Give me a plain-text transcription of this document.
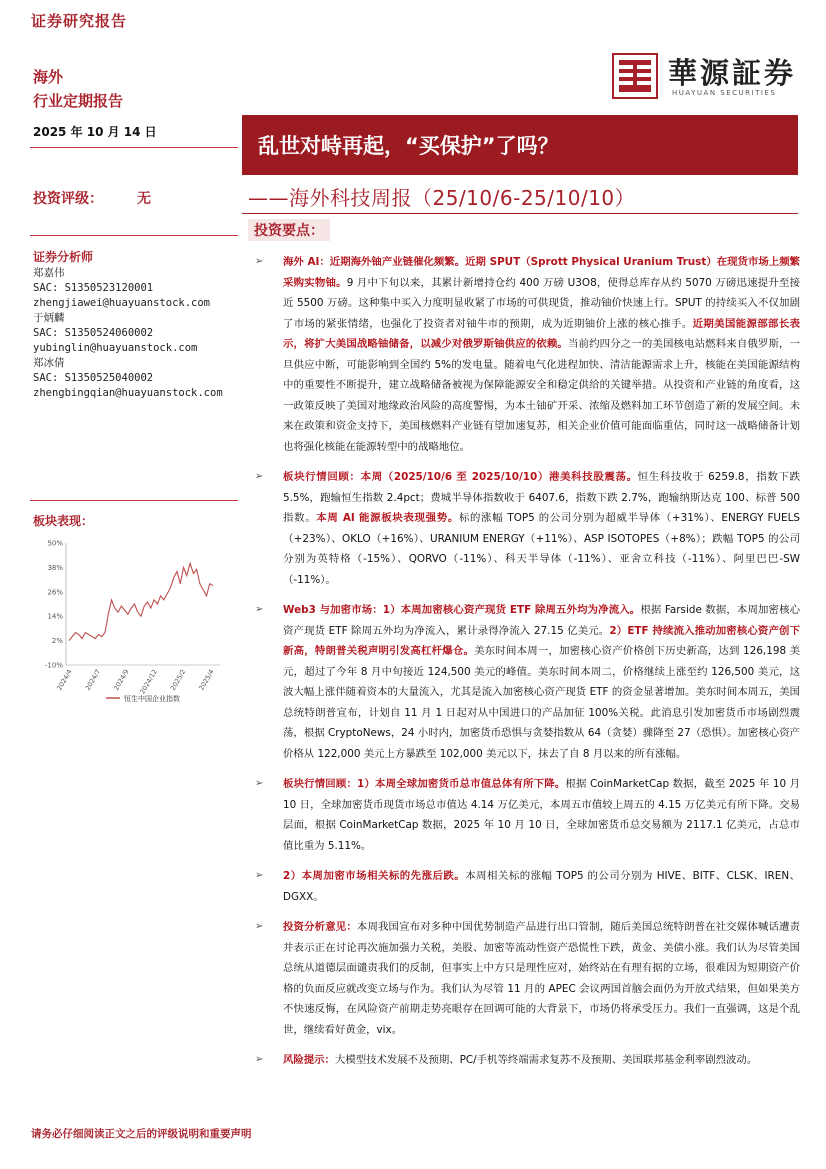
证券研究报告
海外
行业定期报告
華源証券
HUAYUAN SECURITIES
2025 年 10 月 14 日
乱世对峙再起，“买保护”了吗？
投资评级： 无	——海外科技周报（25/10/6-25/10/10）
投资要点：
证券分析师
郑嘉伟
SAC: S1350523120001
zhengjiawei@huayuanstock.com
于炳麟
SAC: S1350524060002
yubinglin@huayuanstock.com
郑冰倩
SAC: S1350525040002
zhengbingqian@huayuanstock.com
板块表现：
50%
38%
26%
14%
2%
-10%
2024/4 2024/7 2024/9 2024/12 2025/2 2025/4
恒生中国企业指数
➢ 海外 AI：近期海外铀产业链催化频繁。近期 SPUT（Sprott Physical Uranium Trust）在现货市场上频繁采购实物铀。9 月中下旬以来，其累计新增持仓约 400 万磅 U3O8，使得总库存从约 5070 万磅迅速提升至接近 5500 万磅。这种集中买入力度明显收紧了市场的可供现货，推动铀价快速上行。SPUT 的持续买入不仅加剧了市场的紧张情绪，也强化了投资者对铀牛市的预期，成为近期铀价上涨的核心推手。近期美国能源部部长表示，将扩大美国战略铀储备，以减少对俄罗斯铀供应的依赖。当前约四分之一的美国核电站燃料来自俄罗斯，一旦供应中断，可能影响到全国约 5%的发电量。随着电气化进程加快、清洁能源需求上升，核能在美国能源结构中的重要性不断提升，建立战略储备被视为保障能源安全和稳定供给的关键举措。从投资和产业链的角度看，这一政策反映了美国对地缘政治风险的高度警惕，为本土铀矿开采、浓缩及燃料加工环节创造了新的发展空间。未来在政策和资金支持下，美国核燃料产业链有望加速复苏，相关企业价值可能面临重估，同时这一战略储备计划也将强化核能在能源转型中的战略地位。
➢ 板块行情回顾：本周（2025/10/6 至 2025/10/10）港美科技股震荡。恒生科技收于 6259.8，指数下跌 5.5%，跑输恒生指数 2.4pct；费城半导体指数收于 6407.6，指数下跌 2.7%，跑输纳斯达克 100、标普 500 指数。本周 AI 能源板块表现强势。标的涨幅 TOP5 的公司分别为超威半导体（+31%）、ENERGY FUELS（+23%）、OKLO（+16%）、URANIUM ENERGY（+11%）、ASP ISOTOPES（+8%）；跌幅 TOP5 的公司分别为英特格（-15%）、QORVO（-11%）、科天半导体（-11%）、亚舍立科技（-11%）、阿里巴巴-SW（-11%）。
➢ Web3 与加密市场：1）本周加密核心资产现货 ETF 除周五外均为净流入。根据 Farside 数据，本周加密核心资产现货 ETF 除周五外均为净流入，累计录得净流入 27.15 亿美元。2）ETF 持续流入推动加密核心资产创下新高，特朗普关税声明引发高杠杆爆仓。美东时间本周一，加密核心资产价格创下历史新高，达到 126,198 美元，超过了今年 8 月中旬接近 124,500 美元的峰值。美东时间本周二，价格继续上涨至约 126,500 美元，这波大幅上涨伴随着资本的大量流入，尤其是流入加密核心资产现货 ETF 的资金显著增加。美东时间本周五，美国总统特朗普宣布，计划自 11 月 1 日起对从中国进口的产品加征 100%关税。此消息引发加密货币市场剧烈震荡，根据 CryptoNews，24 小时内，加密货币恐惧与贪婪指数从 64（贪婪）骤降至 27（恐惧）。加密核心资产价格从 122,000 美元上方暴跌至 102,000 美元以下，抹去了自 8 月以来的所有涨幅。
➢ 板块行情回顾：1）本周全球加密货币总市值总体有所下降。根据 CoinMarketCap 数据，截至 2025 年 10 月 10 日，全球加密货币现货市场总市值达 4.14 万亿美元，本周五市值较上周五的 4.15 万亿美元有所下降。交易层面，根据 CoinMarketCap 数据，2025 年 10 月 10 日，全球加密货币总交易额为 2117.1 亿美元，占总市值比重为 5.11%。
➢ 2）本周加密市场相关标的先涨后跌。本周相关标的涨幅 TOP5 的公司分别为 HIVE、BITF、CLSK、IREN、DGXX。
➢ 投资分析意见：本周我国宣布对多种中国优势制造产品进行出口管制，随后美国总统特朗普在社交媒体喊话遭责并表示正在讨论再次施加强力关税，美股、加密等流动性资产恐慌性下跌，黄金、美债小涨。我们认为尽管美国总统从道德层面谴责我们的反制，但事实上中方只是理性应对，始终站在有理有据的立场，很难因为短期资产价格的负面反应就改变立场与作为。我们认为尽管 11 月的 APEC 会议两国首脑会面仍为开放式结果，但如果美方不快速反悔，在风险资产前期走势亮眼存在回调可能的大背景下，市场仍将承受压力。我们一直强调，这是个乱世，继续看好黄金，vix。
➢ 风险提示：大模型技术发展不及预期、PC/手机等终端需求复苏不及预期、美国联邦基金利率剧烈波动。
请务必仔细阅读正文之后的评级说明和重要声明
